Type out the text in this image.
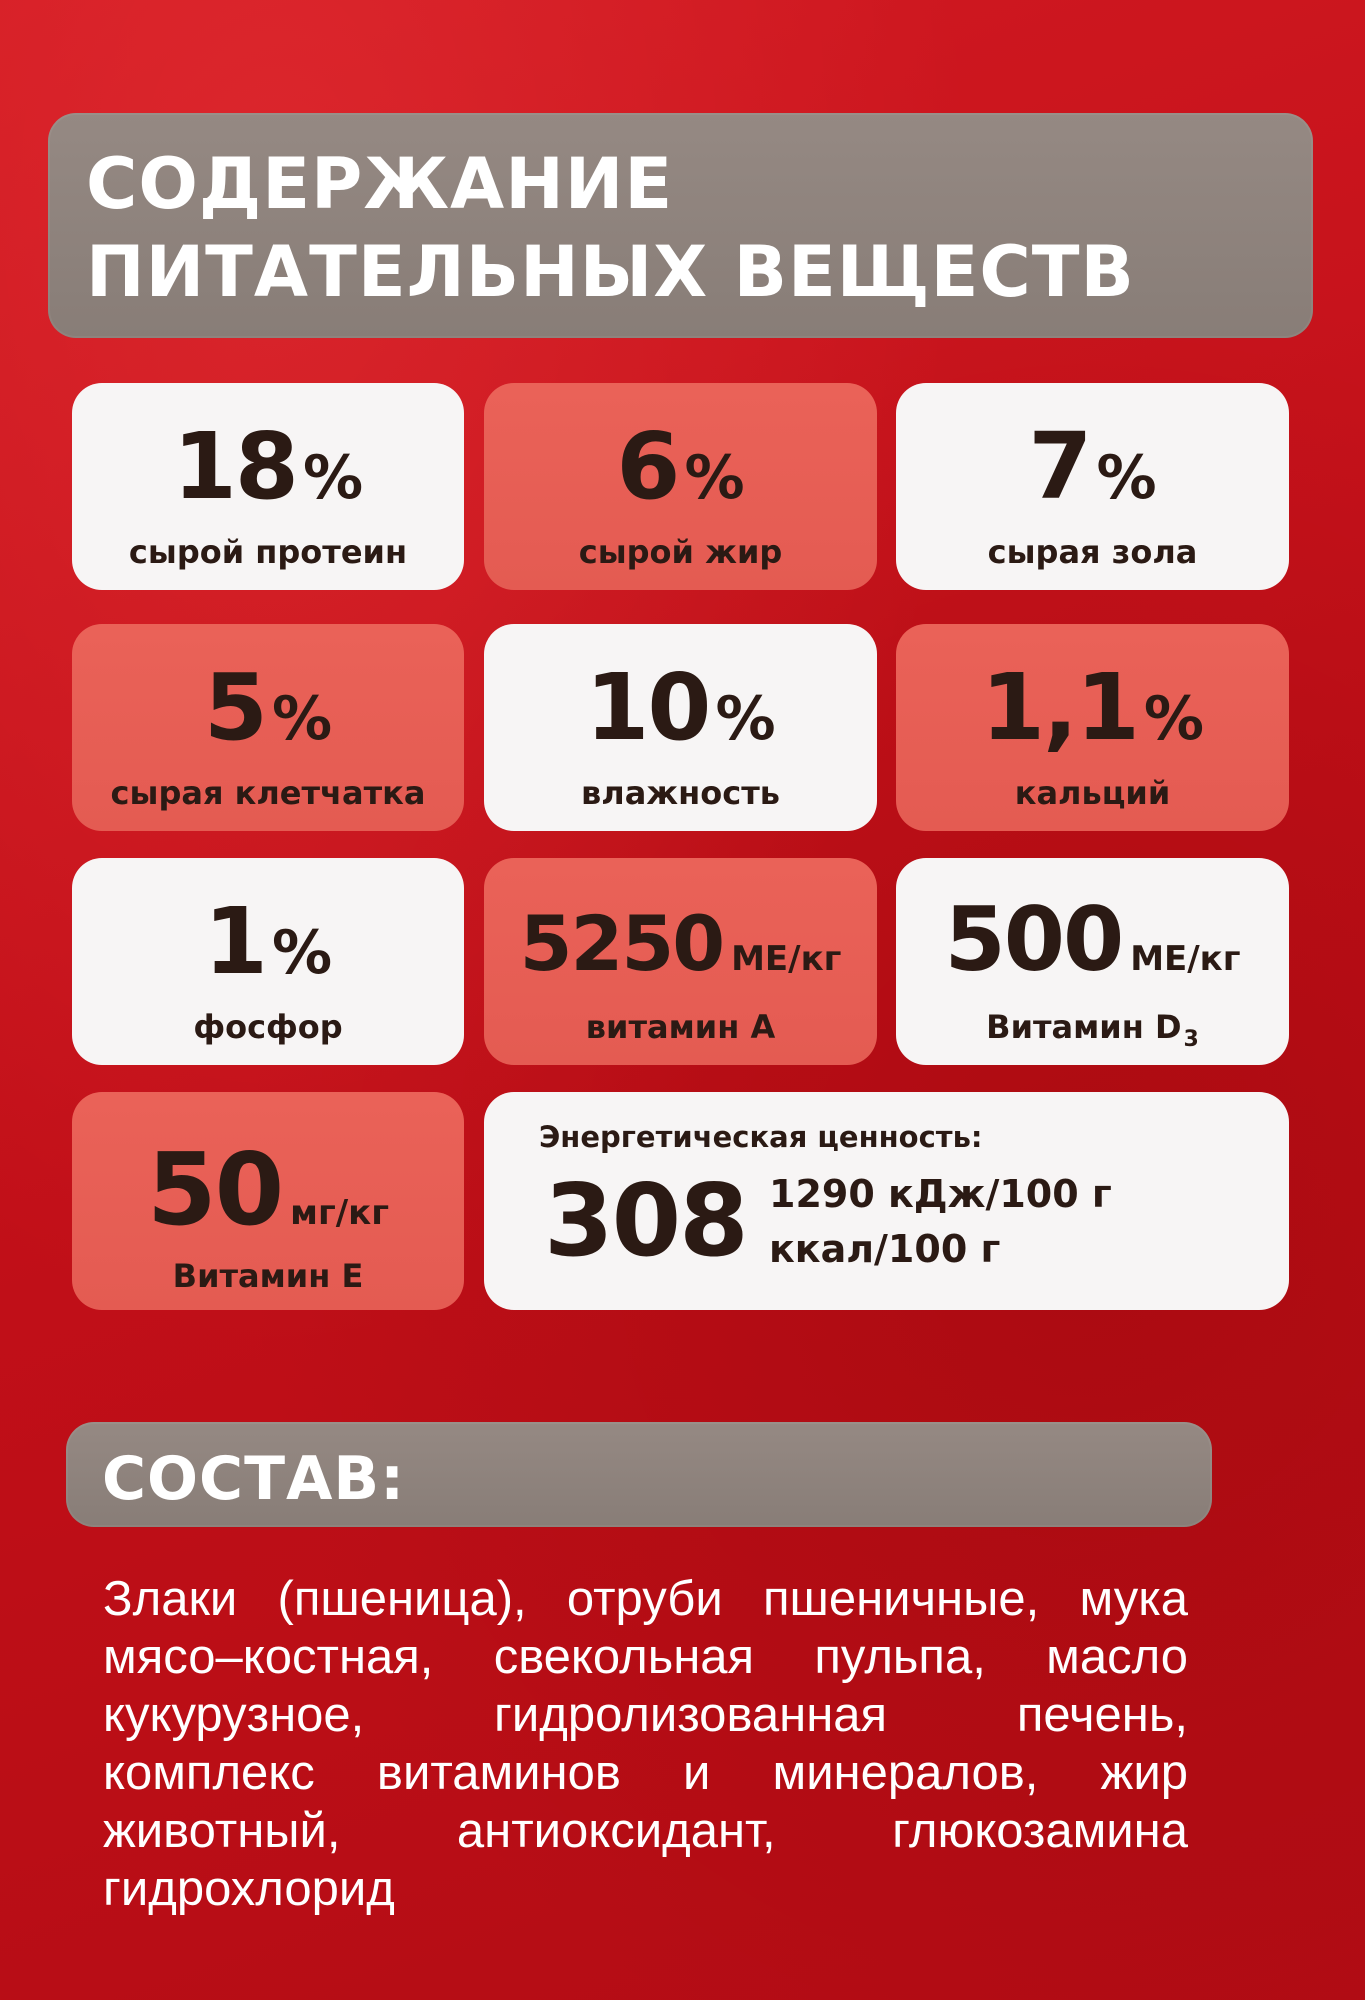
СОДЕРЖАНИЕ
ПИТАТЕЛЬНЫХ ВЕЩЕСТВ
18 %
сырой протеин
6 %
сырой жир
7 %
сырая зола
5 %
сырая клетчатка
10 %
влажность
1,1 %
кальций
1 %
фосфор
5250 МЕ/кг
витамин А
500 МЕ/кг
Витамин $D_3$
50 мг/кг
Витамин Е
Энергетическая ценность:
308 1290 кДж/100 г
ккал/100 г
СОСТАВ:
Злаки (пшеница), отруби пшеничные, мука
мясо–костная, свекольная пульпа, масло
кукурузное,	гидролизованная	печень,
комплекс витаминов и минералов, жир
животный, антиоксидант, глюкозамина
гидрохлорид
